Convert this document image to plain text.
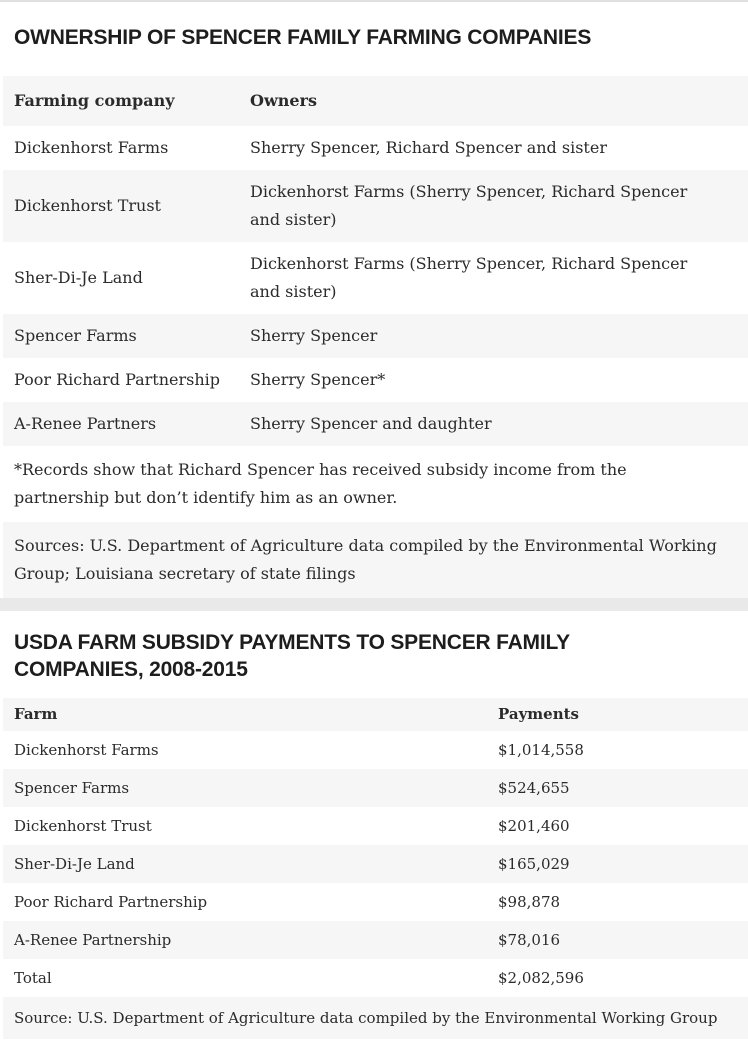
OWNERSHIP OF SPENCER FAMILY FARMING COMPANIES
Farming company	Owners
Dickenhorst Farms	Sherry Spencer, Richard Spencer and sister
Dickenhorst Trust	Dickenhorst Farms (Sherry Spencer, Richard Spencer and sister)
Sher-Di-Je Land	Dickenhorst Farms (Sherry Spencer, Richard Spencer and sister)
Spencer Farms	Sherry Spencer
Poor Richard Partnership	Sherry Spencer*
A-Renee Partners	Sherry Spencer and daughter
*Records show that Richard Spencer has received subsidy income from the partnership but don’t identify him as an owner.	
Sources: U.S. Department of Agriculture data compiled by the Environmental Working Group; Louisiana secretary of state filings	
USDA FARM SUBSIDY PAYMENTS TO SPENCER FAMILY COMPANIES, 2008-2015
Farm	Payments
Dickenhorst Farms	$1,014,558
Spencer Farms	$524,655
Dickenhorst Trust	$201,460
Sher-Di-Je Land	$165,029
Poor Richard Partnership	$98,878
A-Renee Partnership	$78,016
Total	$2,082,596
Source: U.S. Department of Agriculture data compiled by the Environmental Working Group	
